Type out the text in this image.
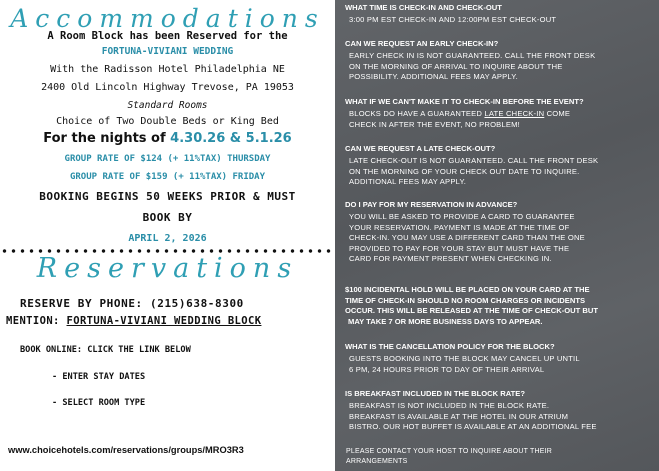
Accommodations
A Room Block has been Reserved for the
FORTUNA-VIVIANI WEDDING
With the Radisson Hotel Philadelphia NE
2400 Old Lincoln Highway Trevose, PA 19053
Standard Rooms
Choice of Two Double Beds or King Bed
For the nights of 4.30.26 & 5.1.26
GROUP RATE OF $124 (+ 11%TAX) THURSDAY
GROUP RATE OF $159 (+ 11%TAX) FRIDAY
BOOKING BEGINS 50 WEEKS PRIOR & MUST
BOOK BY
APRIL 2, 2026
Reservations
RESERVE BY PHONE: (215)638-8300
MENTION: FORTUNA-VIVIANI WEDDING BLOCK
BOOK ONLINE: CLICK THE LINK BELOW
- ENTER STAY DATES
- SELECT ROOM TYPE
www.choicehotels.com/reservations/groups/MRO3R3
WHAT TIME IS CHECK-IN AND CHECK-OUT
3:00 PM EST CHECK-IN AND 12:00PM EST CHECK-OUT
CAN WE REQUEST AN EARLY CHECK-IN?
EARLY CHECK IN IS NOT GUARANTEED. CALL THE FRONT DESK
ON THE MORNING OF ARRIVAL TO INQUIRE ABOUT THE
POSSIBILITY. ADDITIONAL FEES MAY APPLY.
WHAT IF WE CAN'T MAKE IT TO CHECK-IN BEFORE THE EVENT?
BLOCKS DO HAVE A GUARANTEED LATE CHECK-IN COME
CHECK IN AFTER THE EVENT, NO PROBLEM!
CAN WE REQUEST A LATE CHECK-OUT?
LATE CHECK-OUT IS NOT GUARANTEED. CALL THE FRONT DESK
ON THE MORNING OF YOUR CHECK OUT DATE TO INQUIRE.
ADDITIONAL FEES MAY APPLY.
DO I PAY FOR MY RESERVATION IN ADVANCE?
YOU WILL BE ASKED TO PROVIDE A CARD TO GUARANTEE
YOUR RESERVATION. PAYMENT IS MADE AT THE TIME OF
CHECK-IN. YOU MAY USE A DIFFERENT CARD THAN THE ONE
PROVIDED TO PAY FOR YOUR STAY BUT MUST HAVE THE
CARD FOR PAYMENT PRESENT WHEN CHECKING IN.
$100 INCIDENTAL HOLD WILL BE PLACED ON YOUR CARD AT THE
TIME OF CHECK-IN SHOULD NO ROOM CHARGES OR INCIDENTS
OCCUR. THIS WILL BE RELEASED AT THE TIME OF CHECK-OUT BUT
MAY TAKE 7 OR MORE BUSINESS DAYS TO APPEAR.
WHAT IS THE CANCELLATION POLICY FOR THE BLOCK?
GUESTS BOOKING INTO THE BLOCK MAY CANCEL UP UNTIL
6 PM, 24 HOURS PRIOR TO DAY OF THEIR ARRIVAL
IS BREAKFAST INCLUDED IN THE BLOCK RATE?
BREAKFAST IS NOT INCLUDED IN THE BLOCK RATE.
BREAKFAST IS AVAILABLE AT THE HOTEL IN OUR ATRIUM
BISTRO. OUR HOT BUFFET IS AVAILABLE AT AN ADDITIONAL FEE
PLEASE CONTACT YOUR HOST TO INQUIRE ABOUT THEIR
ARRANGEMENTS
